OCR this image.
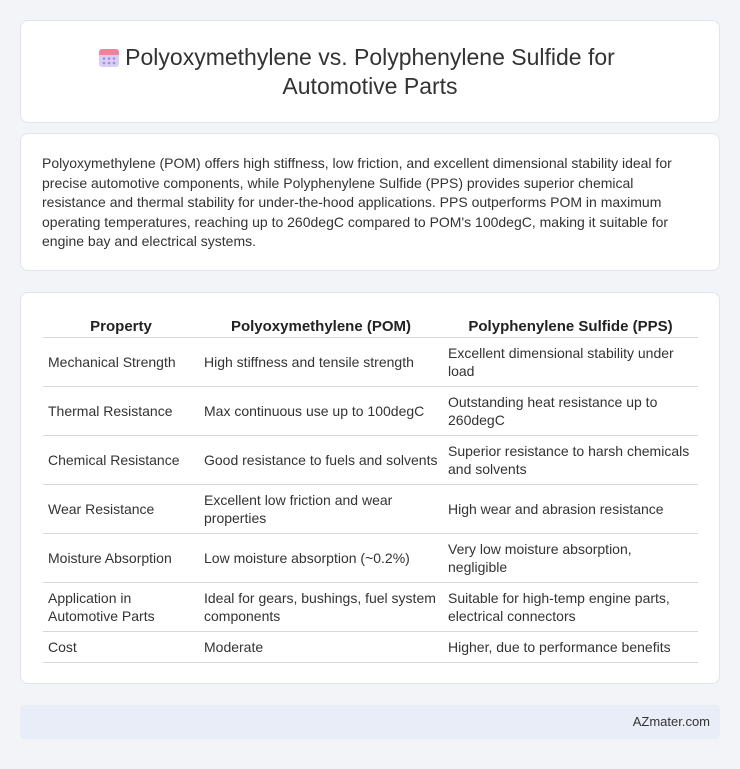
Polyoxymethylene vs. Polyphenylene Sulfide for Automotive Parts

Polyoxymethylene (POM) offers high stiffness, low friction, and excellent dimensional stability ideal for precise automotive components, while Polyphenylene Sulfide (PPS) provides superior chemical resistance and thermal stability for under-the-hood applications. PPS outperforms POM in maximum operating temperatures, reaching up to 260degC compared to POM's 100degC, making it suitable for engine bay and electrical systems.

Property	Polyoxymethylene (POM)	Polyphenylene Sulfide (PPS)
Mechanical Strength	High stiffness and tensile strength	Excellent dimensional stability under load
Thermal Resistance	Max continuous use up to 100degC	Outstanding heat resistance up to 260degC
Chemical Resistance	Good resistance to fuels and solvents	Superior resistance to harsh chemicals and solvents
Wear Resistance	Excellent low friction and wear properties	High wear and abrasion resistance
Moisture Absorption	Low moisture absorption (~0.2%)	Very low moisture absorption, negligible
Application in Automotive Parts	Ideal for gears, bushings, fuel system components	Suitable for high-temp engine parts, electrical connectors
Cost	Moderate	Higher, due to performance benefits
AZmater.com
